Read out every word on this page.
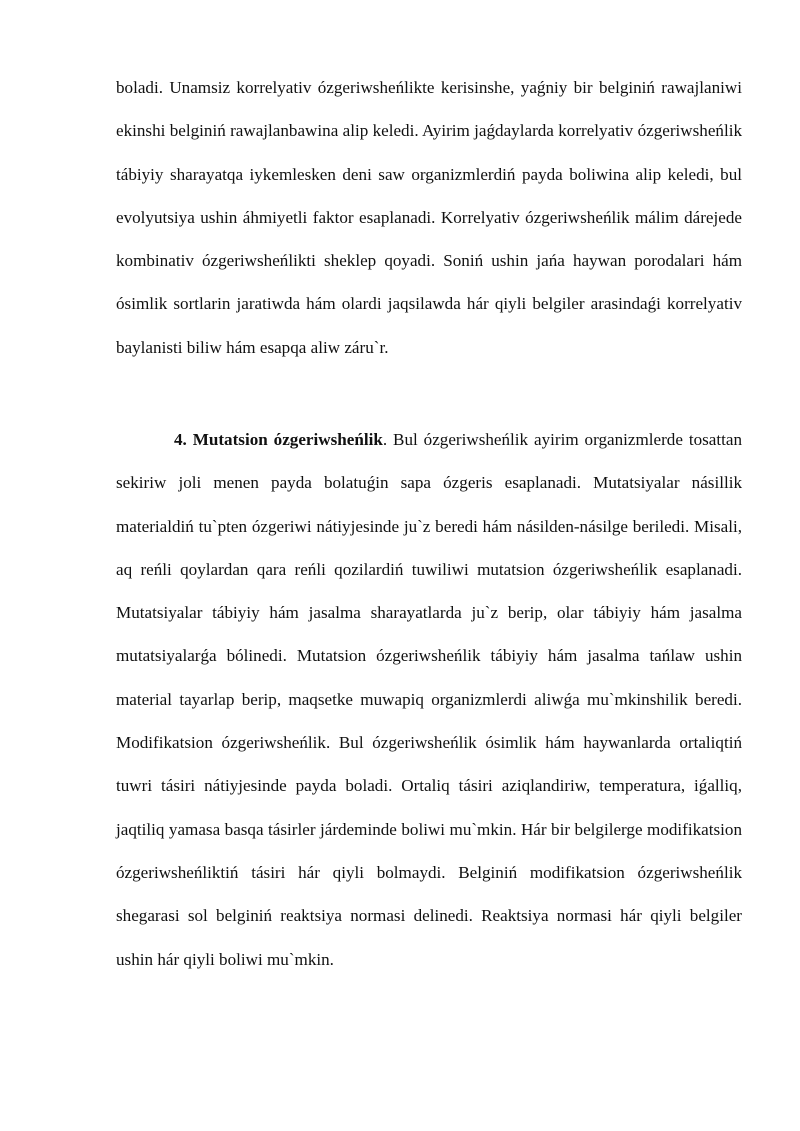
boladi. Unamsiz korrelyativ ózgeriwsheńlikte kerisinshe, yaǵniy bir belginiń rawajlaniwi ekinshi belginiń rawajlanbawina alip keledi. Ayirim jaǵdaylarda korrelyativ ózgeriwsheńlik tábiyiy sharayatqa iykemlesken deni saw organizmlerdiń payda boliwina alip keledi, bul evolyutsiya ushin áhmiyetli faktor esaplanadi. Korrelyativ ózgeriwsheńlik málim dárejede kombinativ ózgeriwsheńlikti sheklep qoyadi. Soniń ushin jańa haywan porodalari hám ósimlik sortlarin jaratiwda hám olardi jaqsilawda hár qiyli belgiler arasindaǵi korrelyativ baylanisti biliw hám esapqa aliw záru`r.

4. Mutatsion ózgeriwsheńlik. Bul ózgeriwsheńlik ayirim organizmlerde tosattan sekiriw joli menen payda bolatuǵin sapa ózgeris esaplanadi. Mutatsiyalar násillik materialdiń tu`pten ózgeriwi nátiyjesinde ju`z beredi hám násilden-násilge beriledi. Misali, aq reńli qoylardan qara reńli qozilardiń tuwiliwi mutatsion ózgeriwsheńlik esaplanadi. Mutatsiyalar tábiyiy hám jasalma sharayatlarda ju`z berip, olar tábiyiy hám jasalma mutatsiyalarǵa bólinedi. Mutatsion ózgeriwsheńlik tábiyiy hám jasalma tańlaw ushin material tayarlap berip, maqsetke muwapiq organizmlerdi aliwǵa mu`mkinshilik beredi. Modifikatsion ózgeriwsheńlik. Bul ózgeriwsheńlik ósimlik hám haywanlarda ortaliqtiń tuwri tásiri nátiyjesinde payda boladi. Ortaliq tásiri aziqlandiriw, temperatura, iǵalliq, jaqtiliq yamasa basqa tásirler járdeminde boliwi mu`mkin. Hár bir belgilerge modifikatsion ózgeriwsheńliktiń tásiri hár qiyli bolmaydi. Belginiń modifikatsion ózgeriwsheńlik shegarasi sol belginiń reaktsiya normasi delinedi. Reaktsiya normasi hár qiyli belgiler ushin hár qiyli boliwi mu`mkin.
